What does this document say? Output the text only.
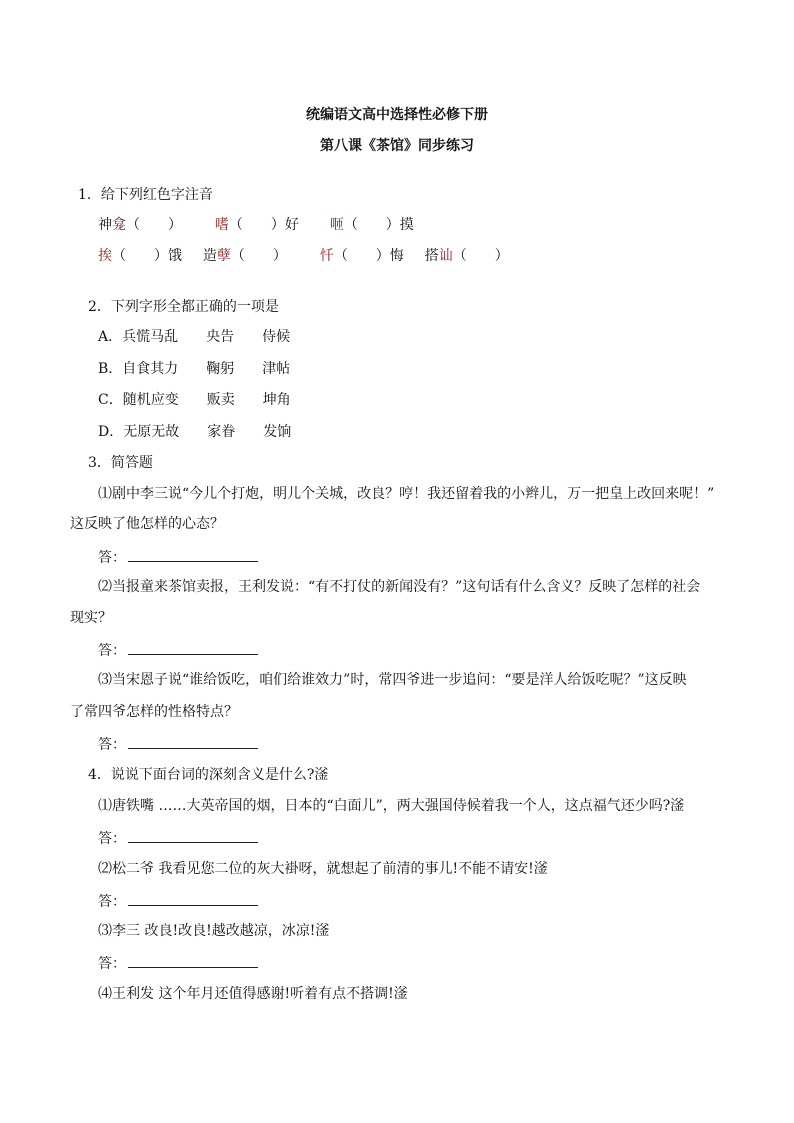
统编语文高中选择性必修下册
第八课《茶馆》同步练习
1．给下列红色字注音
神龛（　　） 嗜（　　）好 咂（　　）摸
挨（　　）饿 造孽（　　） 忏（　　）悔 搭讪（　　）
2．下列字形全都正确的一项是
A．兵慌马乱　　央告　　侍候
B．自食其力　　鞠躬　　津帖
C．随机应变　　贩卖　　坤角
D．无原无故　　家眷　　发饷
3．简答题
⑴剧中李三说“今儿个打炮，明儿个关城，改良？哼！我还留着我的小辫儿，万一把皇上改回来呢！”
这反映了他怎样的心态？
答：
⑵当报童来茶馆卖报，王利发说：“有不打仗的新闻没有？”这句话有什么含义？反映了怎样的社会
现实？
答：
⑶当宋恩子说“谁给饭吃，咱们给谁效力”时，常四爷进一步追问：“要是洋人给饭吃呢？”这反映
了常四爷怎样的性格特点？
答：
4．说说下面台词的深刻含义是什么?滏
⑴唐铁嘴 ……大英帝国的烟，日本的“白面儿”，两大强国侍候着我一个人，这点福气还少吗?滏
答：
⑵松二爷 我看见您二位的灰大褂呀，就想起了前清的事儿!不能不请安!滏
答：
⑶李三 改良!改良!越改越凉，冰凉!滏
答：
⑷王利发 这个年月还值得感谢!听着有点不搭调!滏
